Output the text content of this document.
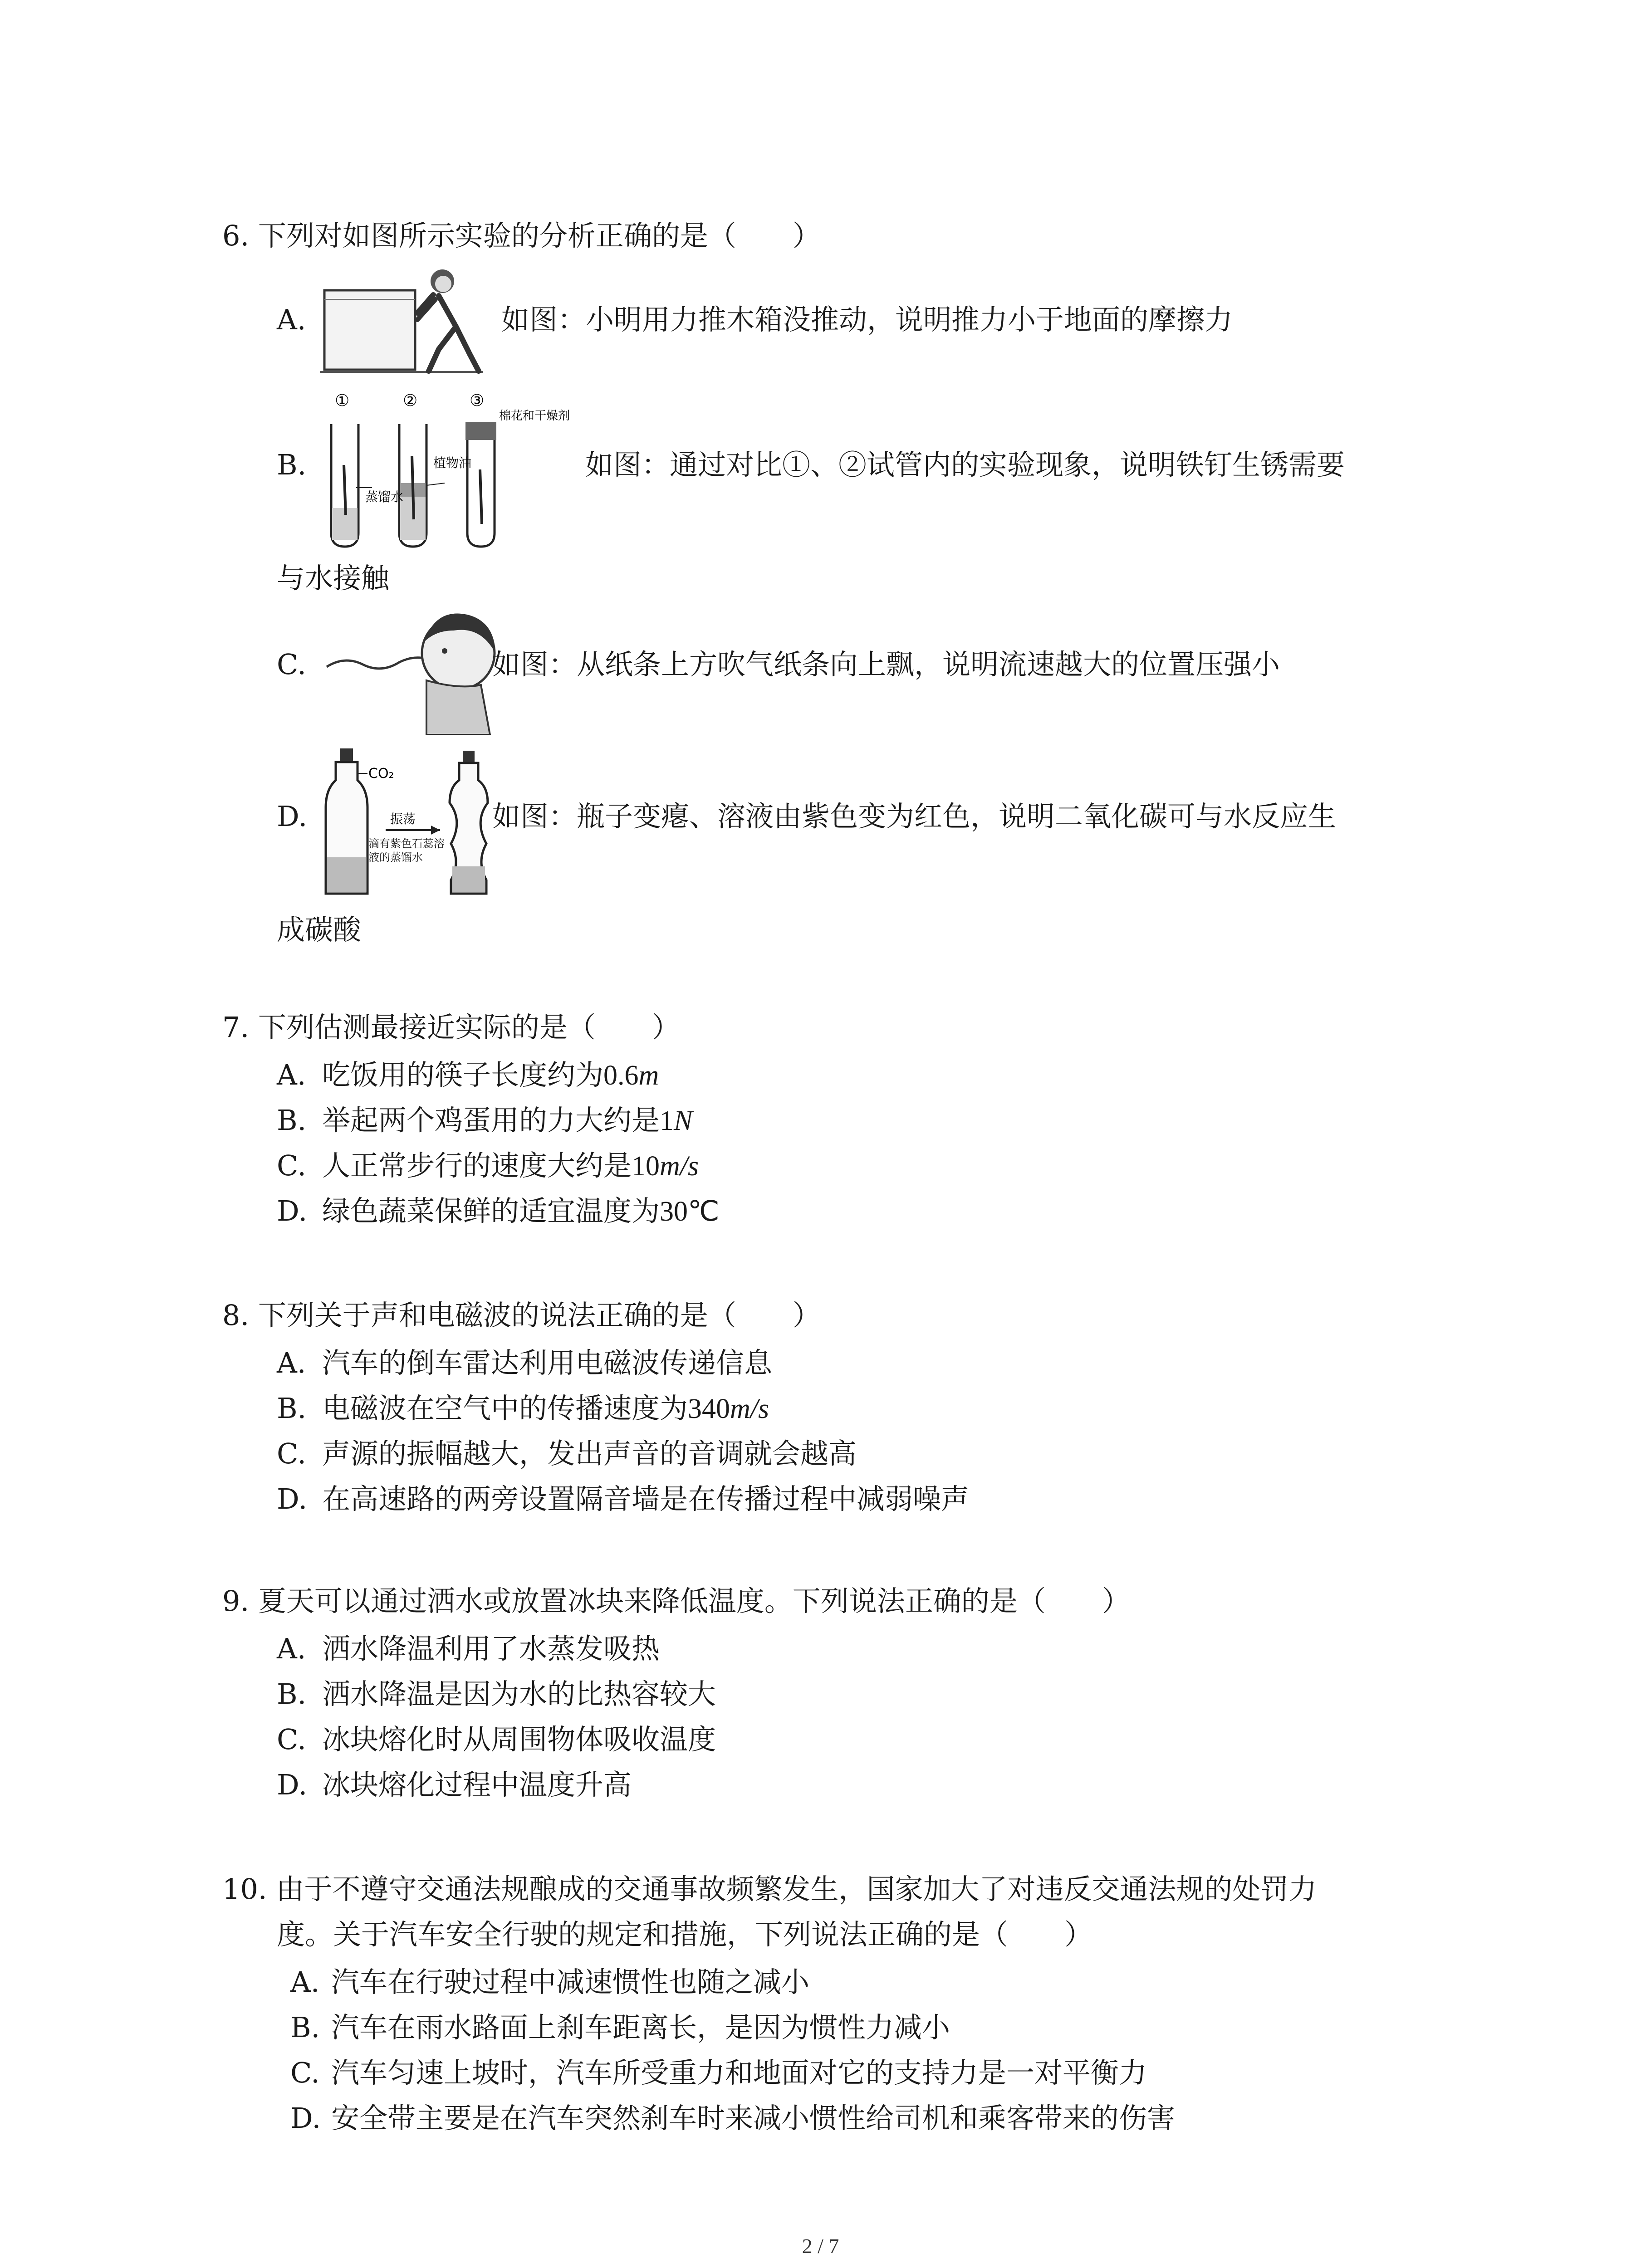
6. 下列对如图所示实验的分析正确的是（　　）
A.	如图：小明用力推木箱没推动，说明推力小于地面的摩擦力
B.
①	②	③
蒸馏水
植物油
棉花和干燥剂
如图：通过对比①、②试管内的实验现象，说明铁钉生锈需要
与水接触
C.	如图：从纸条上方吹气纸条向上飘，说明流速越大的位置压强小
D.
CO₂
振荡
滴有紫色石蕊溶液的蒸馏水
如图：瓶子变瘪、溶液由紫色变为红色，说明二氧化碳可与水反应生
成碳酸
7. 下列估测最接近实际的是（　　）
A. 吃饭用的筷子长度约为0.6m
B. 举起两个鸡蛋用的力大约是1N
C. 人正常步行的速度大约是10m/s
D. 绿色蔬菜保鲜的适宜温度为30℃
8. 下列关于声和电磁波的说法正确的是（　　）
A. 汽车的倒车雷达利用电磁波传递信息
B. 电磁波在空气中的传播速度为340m/s
C. 声源的振幅越大，发出声音的音调就会越高
D. 在高速路的两旁设置隔音墙是在传播过程中减弱噪声
9. 夏天可以通过洒水或放置冰块来降低温度。下列说法正确的是（　　）
A. 洒水降温利用了水蒸发吸热
B. 洒水降温是因为水的比热容较大
C. 冰块熔化时从周围物体吸收温度
D. 冰块熔化过程中温度升高
10. 由于不遵守交通法规酿成的交通事故频繁发生，国家加大了对违反交通法规的处罚力
度。关于汽车安全行驶的规定和措施，下列说法正确的是（　　）
A. 汽车在行驶过程中减速惯性也随之减小
B. 汽车在雨水路面上刹车距离长，是因为惯性力减小
C. 汽车匀速上坡时，汽车所受重力和地面对它的支持力是一对平衡力
D. 安全带主要是在汽车突然刹车时来减小惯性给司机和乘客带来的伤害
2 / 7
